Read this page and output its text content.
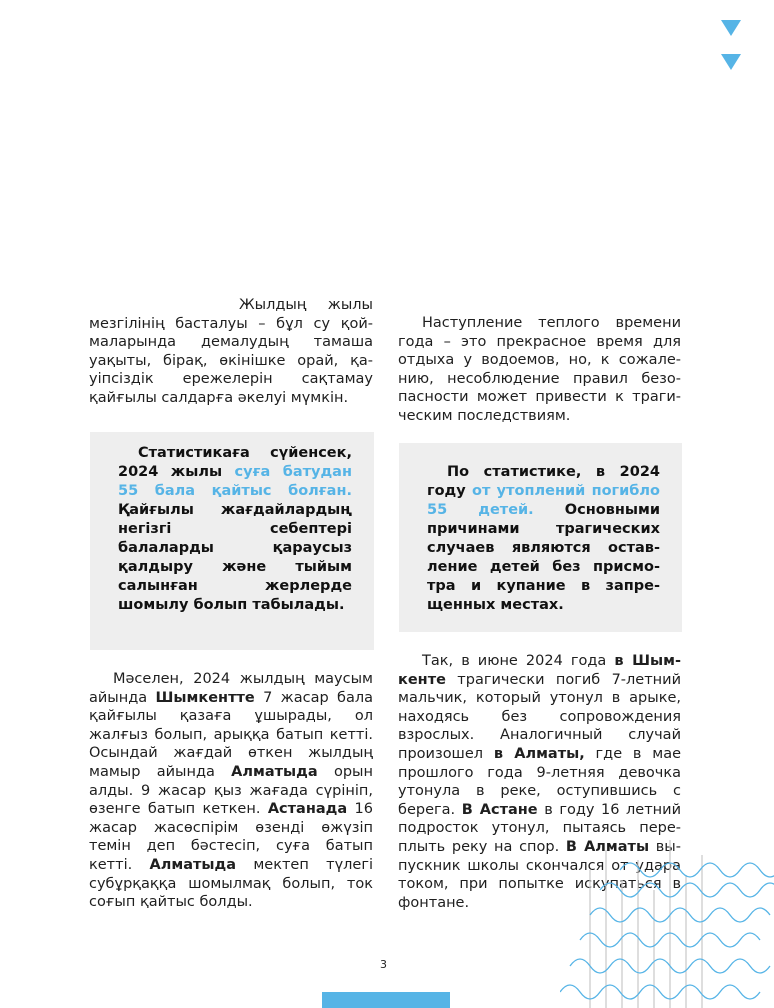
Жылдың жылы мезгілінің басталуы – бұл су қоймаларында демалудың тамаша уақыты, бірақ, өкінішке орай, қауіпсіздік ережелерін сақтамау қайғылы салдарға әкелуі мүмкін.

Статистикаға сүйенсек, 2024 жылы суға батудан 55 бала қайтыс болған. Қайғылы жағдайлардың негізгі себептері балаларды қараусыз қалдыру және тыйым салынған жерлерде шомылу болып табылады.

Мәселен, 2024 жылдың маусым айында Шымкентте 7 жасар бала қайғылы қазаға ұшырады, ол жалғыз болып, арыққа батып кетті. Осындай жағдай өткен жылдың мамыр айында Алматыда орын алды. 9 жасар қыз жағада сүрініп, өзенге батып кеткен. Астанада 16 жасар жасөспірім өзенді өжүзіп темін деп бәстесіп, суға батып кетті. Алматыда мектеп түлегі субұрқаққа шомылмақ болып, ток соғып қайтыс болды.

Наступление теплого времени года – это прекрасное время для отдыха у водоемов, но, к сожалению, несоблюдение правил безопасности может привести к трагическим последствиям.

По статистике, в 2024 году от утоплений погибло 55 детей. Основными причинами трагических случаев являются оставление детей без присмотра и купание в запрещенных местах.

Так, в июне 2024 года в Шымкенте трагически погиб 7-летний мальчик, который утонул в арыке, находясь без сопровождения взрослых. Аналогичный случай произошел в Алматы, где в мае прошлого года 9-летняя девочка утонула в реке, оступившись с берега. В Астане в году 16 летний подросток утонул, пытаясь переплыть реку на спор. В Алматы выпускник школы скончался от удара током, при попытке искупаться в фонтане.

3
